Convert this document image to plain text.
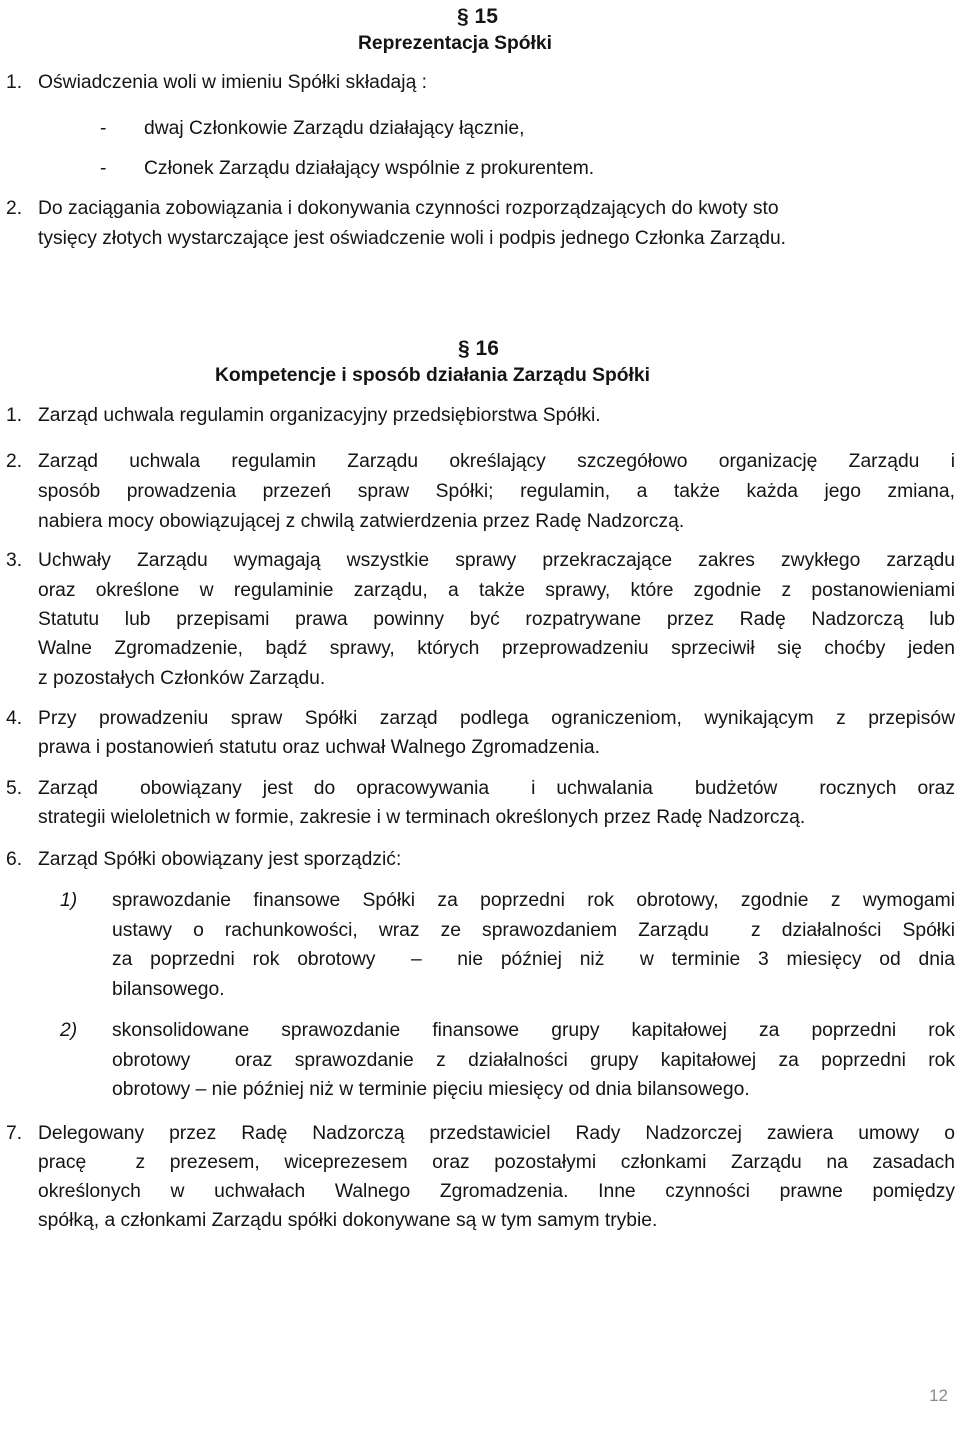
§ 15
Reprezentacja Spółki
1. Oświadczenia woli w imieniu Spółki składają :
- dwaj Członkowie Zarządu działający łącznie,
- Członek Zarządu działający wspólnie z prokurentem.
2. Do zaciągania zobowiązania i dokonywania czynności rozporządzających do kwoty sto
tysięcy złotych wystarczające jest oświadczenie woli i podpis jednego Członka Zarządu.
§ 16
Kompetencje i sposób działania Zarządu Spółki
1. Zarząd uchwala regulamin organizacyjny przedsiębiorstwa Spółki.
2. Zarząd uchwala regulamin Zarządu określający szczegółowo organizację Zarządu i
sposób prowadzenia przezeń spraw Spółki; regulamin, a także każda jego zmiana,
nabiera mocy obowiązującej z chwilą zatwierdzenia przez Radę Nadzorczą.
3. Uchwały Zarządu wymagają wszystkie sprawy przekraczające zakres zwykłego zarządu
oraz określone w regulaminie zarządu, a także sprawy, które zgodnie z postanowieniami
Statutu lub przepisami prawa powinny być rozpatrywane przez Radę Nadzorczą lub
Walne Zgromadzenie, bądź sprawy, których przeprowadzeniu sprzeciwił się choćby jeden
z pozostałych Członków Zarządu.
4. Przy prowadzeniu spraw Spółki zarząd podlega ograniczeniom, wynikającym z przepisów
prawa i postanowień statutu oraz uchwał Walnego Zgromadzenia.
5. Zarząd  obowiązany jest do opracowywania  i uchwalania  budżetów  rocznych oraz
strategii wieloletnich w formie, zakresie i w terminach określonych przez Radę Nadzorczą.
6. Zarząd Spółki obowiązany jest sporządzić:
1) sprawozdanie finansowe Spółki za poprzedni rok obrotowy, zgodnie z wymogami
ustawy o rachunkowości, wraz ze sprawozdaniem Zarządu  z działalności Spółki
za poprzedni rok obrotowy  –  nie później niż  w terminie 3 miesięcy od dnia
bilansowego.
2) skonsolidowane sprawozdanie finansowe grupy kapitałowej za poprzedni rok
obrotowy  oraz sprawozdanie z działalności grupy kapitałowej za poprzedni rok
obrotowy – nie później niż w terminie pięciu miesięcy od dnia bilansowego.
7. Delegowany przez Radę Nadzorczą przedstawiciel Rady Nadzorczej zawiera umowy o
pracę  z prezesem, wiceprezesem oraz pozostałymi członkami Zarządu na zasadach
określonych w uchwałach Walnego Zgromadzenia. Inne czynności prawne pomiędzy
spółką, a członkami Zarządu spółki dokonywane są w tym samym trybie.
12
